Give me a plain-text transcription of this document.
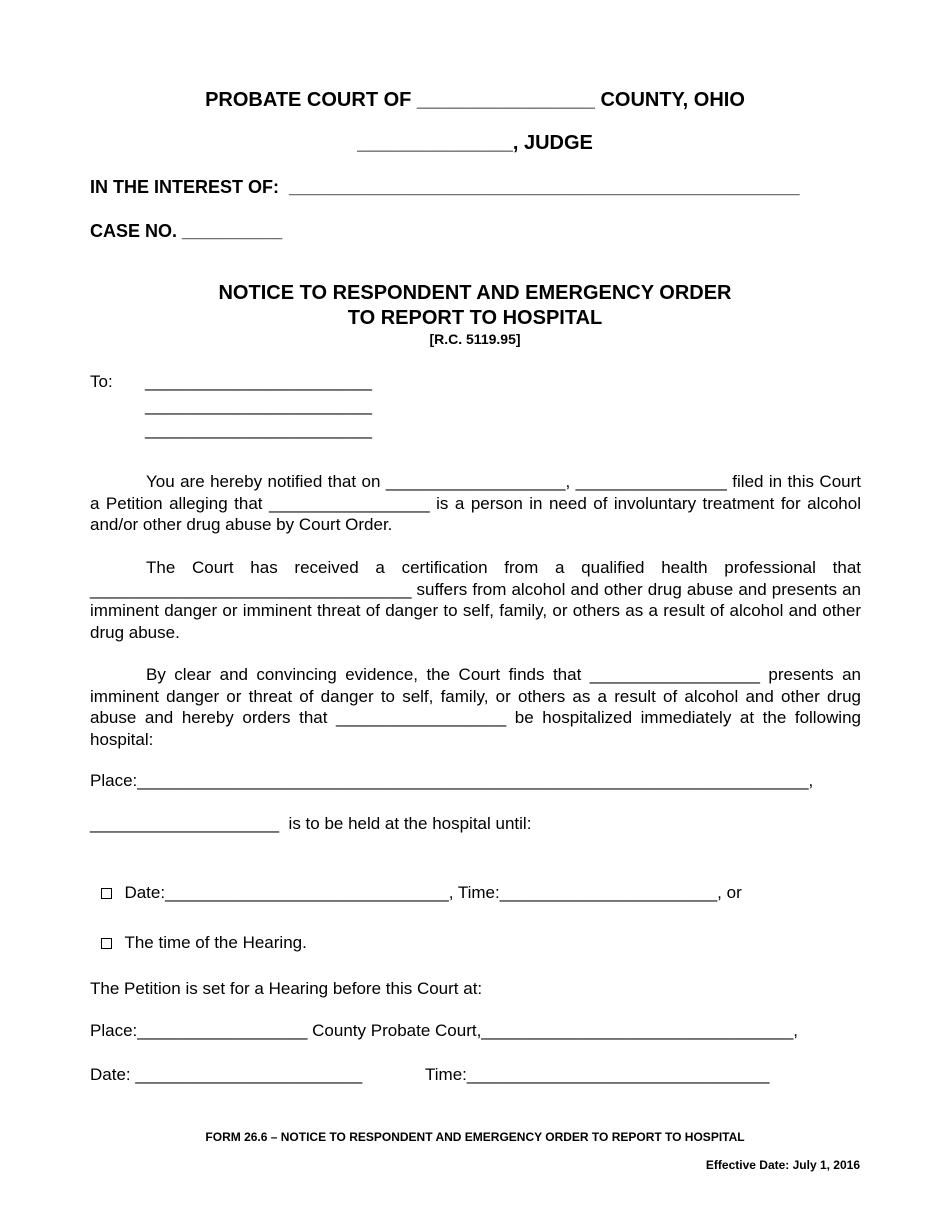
PROBATE COURT OF ________________ COUNTY, OHIO
______________, JUDGE
IN THE INTEREST OF:  ___________________________________________________
CASE NO. __________
NOTICE TO RESPONDENT AND EMERGENCY ORDER
TO REPORT TO HOSPITAL
[R.C. 5119.95]
To: ________________________
________________________
________________________
You are hereby notified that on ___________________, ________________ filed in this Court a Petition alleging that _________________ is a person in need of involuntary treatment for alcohol and/or other drug abuse by Court Order.
The Court has received a certification from a qualified health professional that __________________________________ suffers from alcohol and other drug abuse and presents an imminent danger or imminent threat of danger to self, family, or others as a result of alcohol and other drug abuse.
By clear and convincing evidence, the Court finds that __________________ presents an imminent danger or threat of danger to self, family, or others as a result of alcohol and other drug abuse and hereby orders that __________________ be hospitalized immediately at the following hospital:
Place:_______________________________________________________________________,
____________________  is to be held at the hospital until:

Date:______________________________, Time:_______________________, or

The time of the Hearing.

The Petition is set for a Hearing before this Court at:
Place:__________________ County Probate Court,_________________________________,
Date: ________________________	Time:________________________________
FORM 26.6 – NOTICE TO RESPONDENT AND EMERGENCY ORDER TO REPORT TO HOSPITAL
Effective Date: July 1, 2016
